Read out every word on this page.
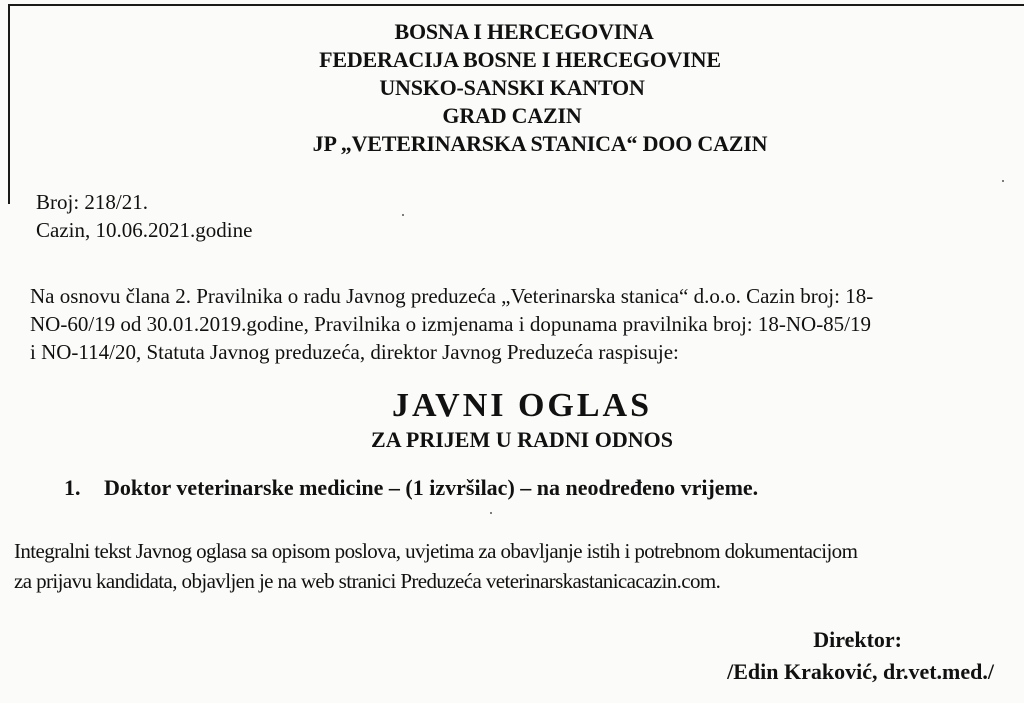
BOSNA I HERCEGOVINA
FEDERACIJA BOSNE I HERCEGOVINE
UNSKO-SANSKI KANTON
GRAD CAZIN
JP „VETERINARSKA STANICA“ DOO CAZIN
Broj: 218/21.
Cazin, 10.06.2021.godine
Na osnovu člana 2. Pravilnika o radu Javnog preduzeća „Veterinarska stanica“ d.o.o. Cazin broj: 18-
NO-60/19 od 30.01.2019.godine, Pravilnika o izmjenama i dopunama pravilnika broj: 18-NO-85/19
i NO-114/20, Statuta Javnog preduzeća, direktor Javnog Preduzeća raspisuje:
JAVNI OGLAS
ZA PRIJEM U RADNI ODNOS
1. Doktor veterinarske medicine – (1 izvršilac) – na neodređeno vrijeme.
Integralni tekst Javnog oglasa sa opisom poslova, uvjetima za obavljanje istih i potrebnom dokumentacijom
za prijavu kandidata, objavljen je na web stranici Preduzeća veterinarskastanicacazin.com.
Direktor:
/Edin Kraković, dr.vet.med./
